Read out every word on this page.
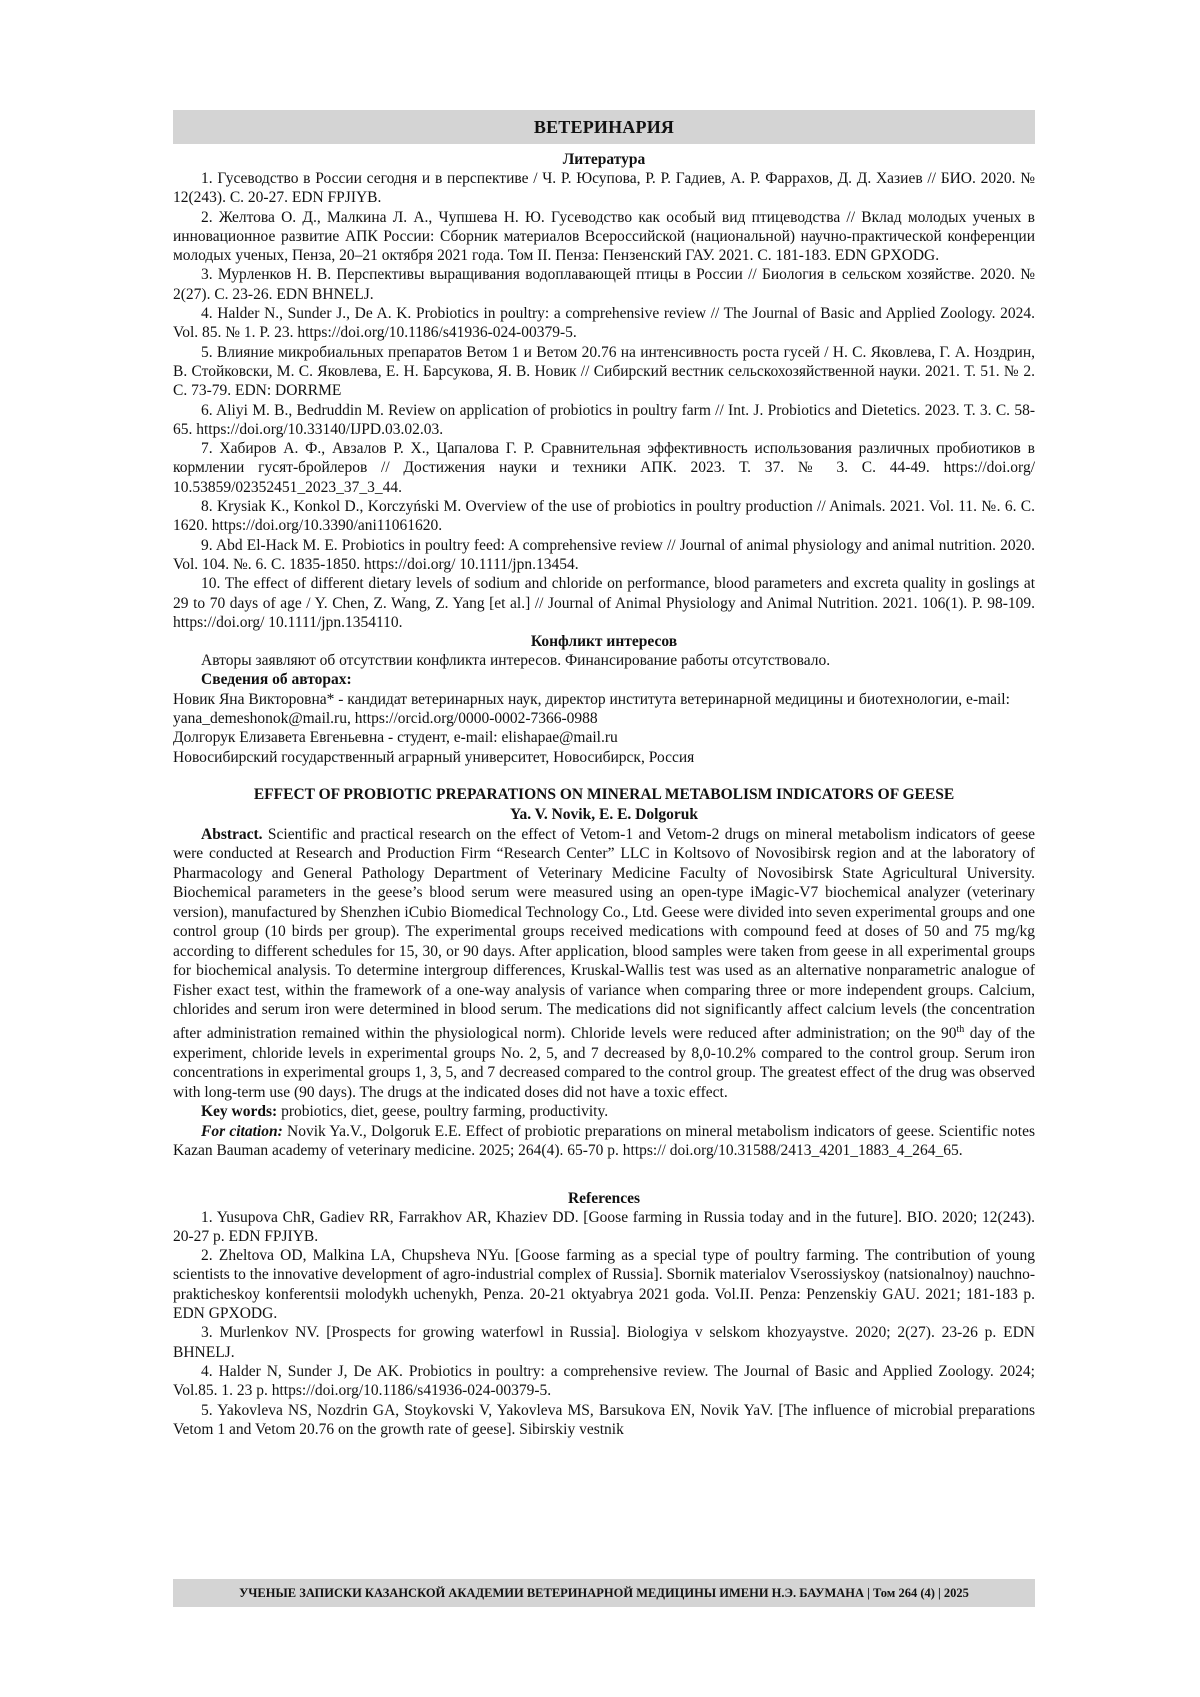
ВЕТЕРИНАРИЯ
Литература

1. Гусеводство в России сегодня и в перспективе / Ч. Р. Юсупова, Р. Р. Гадиев, А. Р. Фаррахов, Д. Д. Хазиев // БИО. 2020. № 12(243). С. 20-27. EDN FPJIYB.

2. Желтова О. Д., Малкина Л. А., Чупшева Н. Ю. Гусеводство как особый вид птицеводства // Вклад молодых ученых в инновационное развитие АПК России: Сборник материалов Всероссийской (национальной) научно-практической конференции молодых ученых, Пенза, 20–21 октября 2021 года. Том II. Пенза: Пензенский ГАУ. 2021. С. 181-183. EDN GPXODG.

3. Мурленков Н. В. Перспективы выращивания водоплавающей птицы в России // Биология в сельском хозяйстве. 2020. № 2(27). С. 23-26. EDN BHNELJ.

4. Halder N., Sunder J., De A. K. Probiotics in poultry: a comprehensive review // The Journal of Basic and Applied Zoology. 2024. Vol. 85. № 1. P. 23. https://doi.org/10.1186/s41936-024-00379-5.

5. Влияние микробиальных препаратов Ветом 1 и Ветом 20.76 на интенсивность роста гусей / Н. С. Яковлева, Г. А. Ноздрин, В. Стойковски, М. С. Яковлева, Е. Н. Барсукова, Я. В. Новик // Сибирский вестник сельскохозяйственной науки. 2021. Т. 51. № 2. С. 73-79. EDN: DORRME

6. Aliyi M. B., Bedruddin M. Review on application of probiotics in poultry farm // Int. J. Probiotics and Dietetics. 2023. Т. 3. С. 58-65. https://doi.org/10.33140/IJPD.03.02.03.

7. Хабиров А. Ф., Авзалов Р. Х., Цапалова Г. Р. Сравнительная эффективность использования различных пробиотиков в кормлении гусят-бройлеров // Достижения науки и техники АПК. 2023. Т. 37. № 3. С. 44-49. https://doi.org/ 10.53859/02352451_2023_37_3_44.

8. Krysiak K., Konkol D., Korczyński M. Overview of the use of probiotics in poultry production // Animals. 2021. Vol. 11. №. 6. С. 1620. https://doi.org/10.3390/ani11061620.

9. Abd El-Hack M. E. Probiotics in poultry feed: A comprehensive review // Journal of animal physiology and animal nutrition. 2020. Vol. 104. №. 6. С. 1835-1850. https://doi.org/ 10.1111/jpn.13454.

10. The effect of different dietary levels of sodium and chloride on performance, blood parameters and excreta quality in goslings at 29 to 70 days of age / Y. Chen, Z. Wang, Z. Yang [et al.] // Journal of Animal Physiology and Animal Nutrition. 2021. 106(1). P. 98-109. https://doi.org/ 10.1111/jpn.1354110.

Конфликт интересов

Авторы заявляют об отсутствии конфликта интересов. Финансирование работы отсутствовало.

Сведения об авторах:

Новик Яна Викторовна* - кандидат ветеринарных наук, директор института ветеринарной медицины и биотехнологии, e-mail: yana_demeshonok@mail.ru, https://orcid.org/0000-0002-7366-0988

Долгорук Елизавета Евгеньевна - студент, e-mail: elishapae@mail.ru

Новосибирский государственный аграрный университет, Новосибирск, Россия

EFFECT OF PROBIOTIC PREPARATIONS ON MINERAL METABOLISM INDICATORS OF GEESE
Ya. V. Novik, E. E. Dolgoruk

Abstract. Scientific and practical research on the effect of Vetom-1 and Vetom-2 drugs on mineral metabolism indicators of geese were conducted at Research and Production Firm “Research Center” LLC in Koltsovo of Novosibirsk region and at the laboratory of Pharmacology and General Pathology Department of Veterinary Medicine Faculty of Novosibirsk State Agricultural University. Biochemical parameters in the geese’s blood serum were measured using an open-type iMagic-V7 biochemical analyzer (veterinary version), manufactured by Shenzhen iCubio Biomedical Technology Co., Ltd. Geese were divided into seven experimental groups and one control group (10 birds per group). The experimental groups received medications with compound feed at doses of 50 and 75 mg/kg according to different schedules for 15, 30, or 90 days. After application, blood samples were taken from geese in all experimental groups for biochemical analysis. To determine intergroup differences, Kruskal-Wallis test was used as an alternative nonparametric analogue of Fisher exact test, within the framework of a one-way analysis of variance when comparing three or more independent groups. Calcium, chlorides and serum iron were determined in blood serum. The medications did not significantly affect calcium levels (the concentration after administration remained within the physiological norm). Chloride levels were reduced after administration; on the 90th day of the experiment, chloride levels in experimental groups No. 2, 5, and 7 decreased by 8,0-10.2% compared to the control group. Serum iron concentrations in experimental groups 1, 3, 5, and 7 decreased compared to the control group. The greatest effect of the drug was observed with long-term use (90 days). The drugs at the indicated doses did not have a toxic effect.

Key words: probiotics, diet, geese, poultry farming, productivity.

For citation: Novik Ya.V., Dolgoruk E.E. Effect of probiotic preparations on mineral metabolism indicators of geese. Scientific notes Kazan Bauman academy of veterinary medicine. 2025; 264(4). 65-70 p. https:// doi.org/10.31588/2413_4201_1883_4_264_65.

References

1. Yusupova ChR, Gadiev RR, Farrakhov AR, Khaziev DD. [Goose farming in Russia today and in the future]. BIO. 2020; 12(243). 20-27 p. EDN FPJIYB.

2. Zheltova OD, Malkina LA, Chupsheva NYu. [Goose farming as a special type of poultry farming. The contribution of young scientists to the innovative development of agro-industrial complex of Russia]. Sbornik materialov Vserossiyskoy (natsionalnoy) nauchno-prakticheskoy konferentsii molodykh uchenykh, Penza. 20-21 oktyabrya 2021 goda. Vol.II. Penza: Penzenskiy GAU. 2021; 181-183 p. EDN GPXODG.

3. Murlenkov NV. [Prospects for growing waterfowl in Russia]. Biologiya v selskom khozyaystve. 2020; 2(27). 23-26 p. EDN BHNELJ.

4. Halder N, Sunder J, De AK. Probiotics in poultry: a comprehensive review. The Journal of Basic and Applied Zoology. 2024; Vol.85. 1. 23 p. https://doi.org/10.1186/s41936-024-00379-5.

5. Yakovleva NS, Nozdrin GA, Stoykovski V, Yakovleva MS, Barsukova EN, Novik YaV. [The influence of microbial preparations Vetom 1 and Vetom 20.76 on the growth rate of geese]. Sibirskiy vestnik

УЧЕНЫЕ ЗАПИСКИ КАЗАНСКОЙ АКАДЕМИИ ВЕТЕРИНАРНОЙ МЕДИЦИНЫ ИМЕНИ Н.Э. БАУМАНА | Том 264 (4) | 2025
